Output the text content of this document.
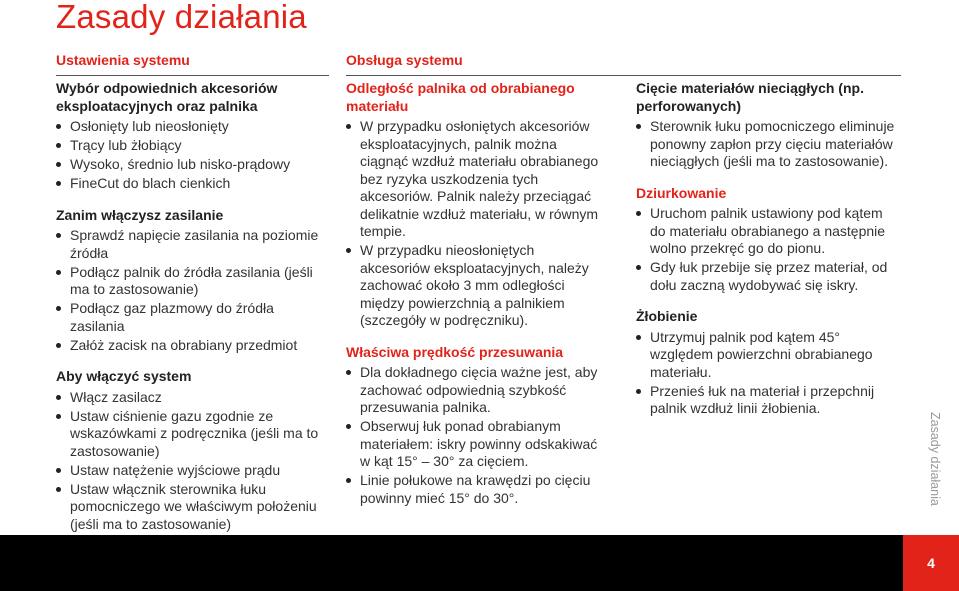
Zasady działania
Ustawienia systemu	Obsługa systemu
Wybór odpowiednich akcesoriów eksploatacyjnych oraz palnika
Osłonięty lub nieosłonięty
Trący lub żłobiący
Wysoko, średnio lub nisko-prądowy
FineCut do blach cienkich
Zanim włączysz zasilanie
Sprawdź napięcie zasilania na poziomie źródła
Podłącz palnik do źródła zasilania (jeśli ma to zastosowanie)
Podłącz gaz plazmowy do źródła zasilania
Załóż zacisk na obrabiany przedmiot
Aby włączyć system
Włącz zasilacz
Ustaw ciśnienie gazu zgodnie ze wskazówkami z podręcznika (jeśli ma to zastosowanie)
Ustaw natężenie wyjściowe prądu
Ustaw włącznik sterownika łuku pomocniczego we właściwym położeniu (jeśli ma to zastosowanie)
Odległość palnika od obrabianego materiału
W przypadku osłoniętych akcesoriów eksploatacyjnych, palnik można ciągnąć wzdłuż materiału obrabianego bez ryzyka uszkodzenia tych akcesoriów. Palnik należy przeciągać delikatnie wzdłuż materiału, w równym tempie.
W przypadku nieosłoniętych akcesoriów eksploatacyjnych, należy zachować około 3 mm odległości między powierzchnią a palnikiem (szczegóły w podręczniku).
Właściwa prędkość przesuwania
Dla dokładnego cięcia ważne jest, aby zachować odpowiednią szybkość przesuwania palnika.
Obserwuj łuk ponad obrabianym materiałem: iskry powinny odskakiwać w kąt 15° – 30° za cięciem.
Linie połukowe na krawędzi po cięciu powinny mieć 15° do 30°.
Cięcie materiałów nieciągłych (np. perforowanych)
Sterownik łuku pomocniczego eliminuje ponowny zapłon przy cięciu materiałów nieciągłych (jeśli ma to zastosowanie).
Dziurkowanie
Uruchom palnik ustawiony pod kątem do materiału obrabianego a następnie wolno przekręć go do pionu.
Gdy łuk przebije się przez materiał, od dołu zaczną wydobywać się iskry.
Żłobienie
Utrzymuj palnik pod kątem 45° względem powierzchni obrabianego materiału.
Przenieś łuk na materiał i przepchnij palnik wzdłuż linii żłobienia.
Zasady działania
4
